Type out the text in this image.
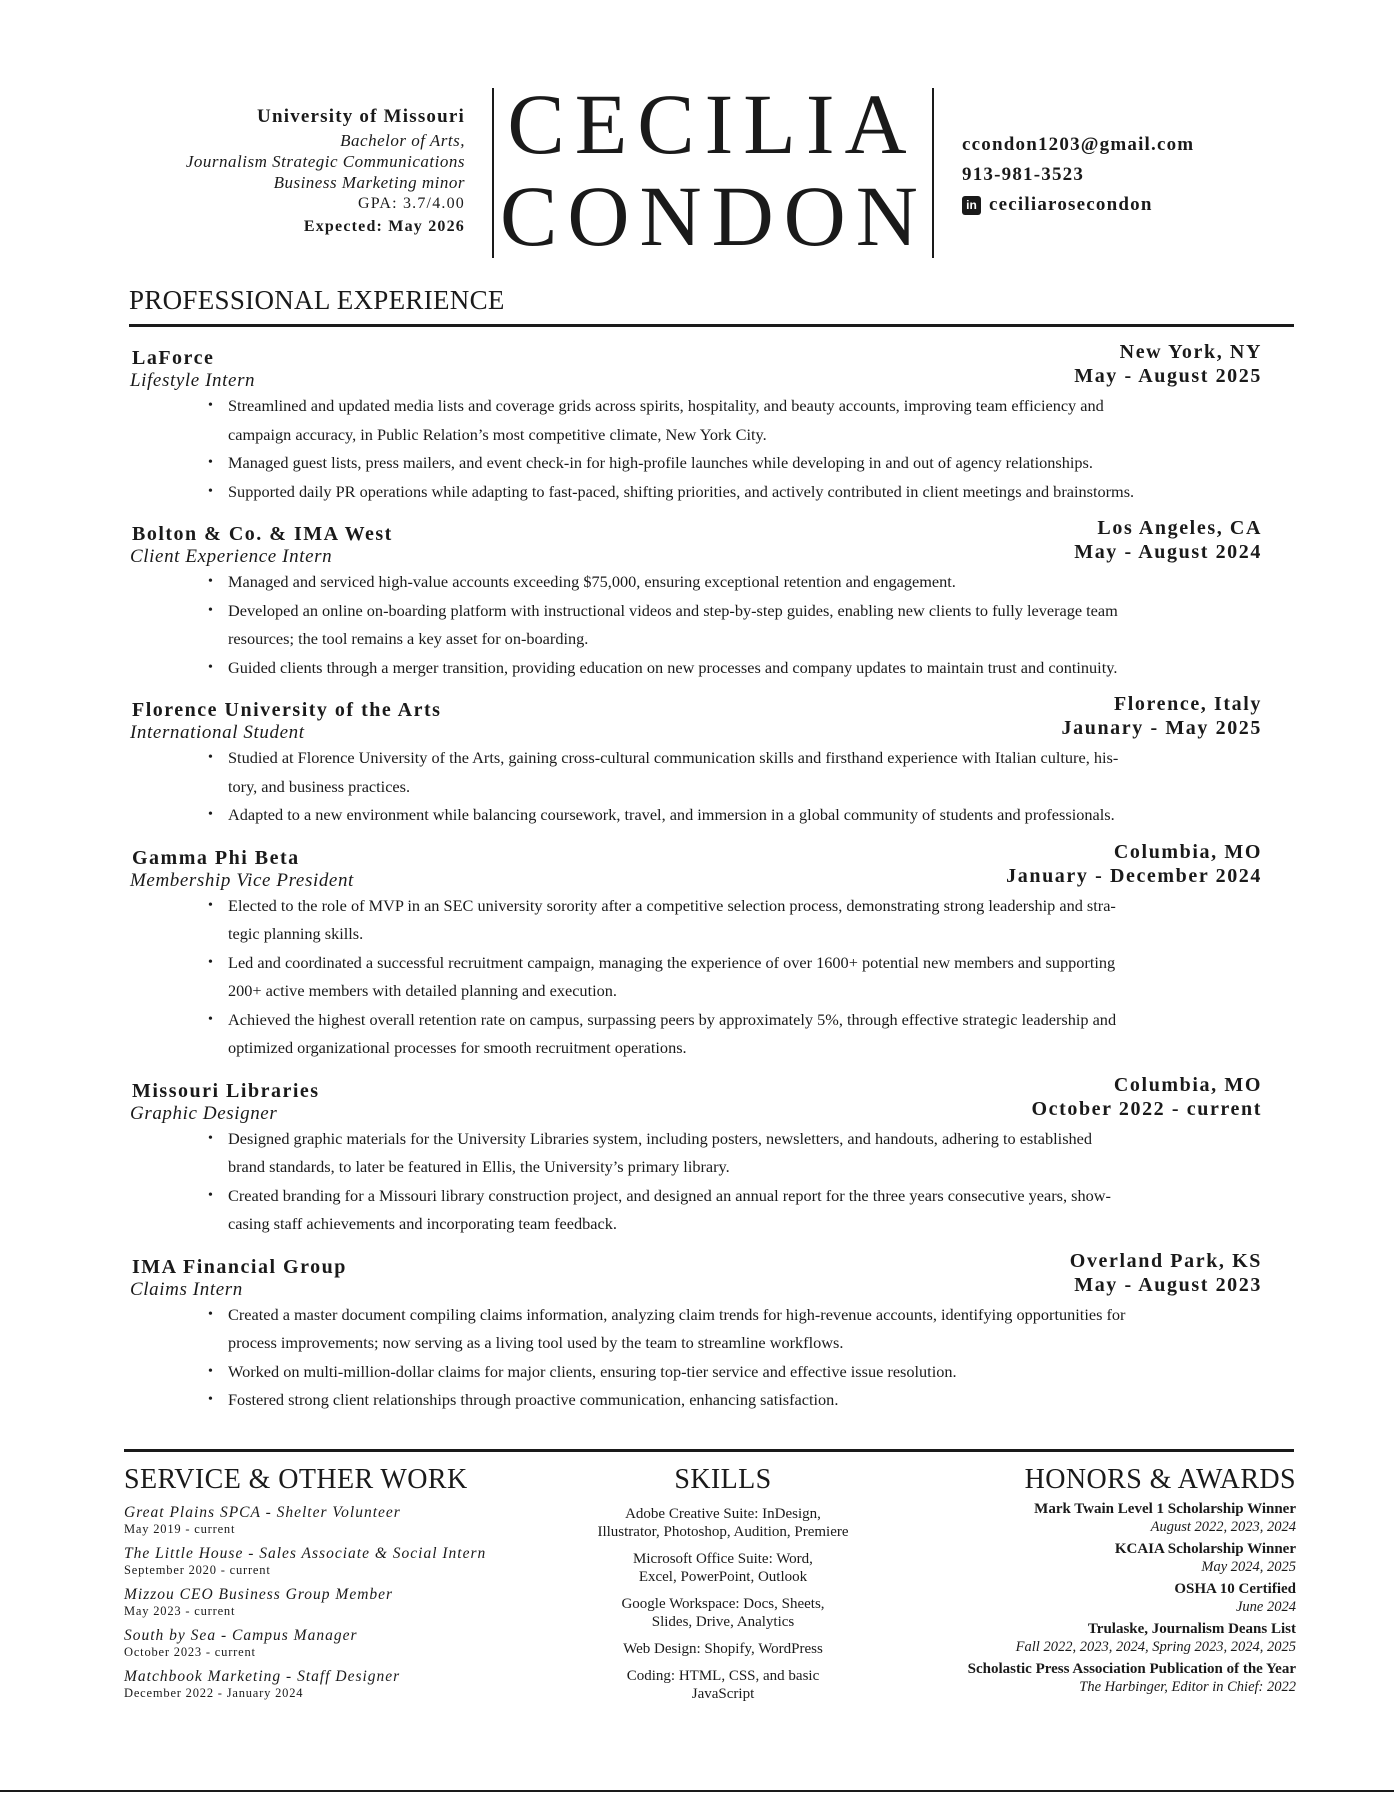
University of Missouri
Bachelor of Arts,
Journalism Strategic Communications
Business Marketing minor
GPA: 3.7/4.00
Expected: May 2026
CECILIA
CONDON
ccondon1203@gmail.com
913-981-3523
in ceciliarosecondon
PROFESSIONAL EXPERIENCE
LaForce
Lifestyle Intern
New York, NY
May - August 2025
• Streamlined and updated media lists and coverage grids across spirits, hospitality, and beauty accounts, improving team efficiency and
campaign accuracy, in Public Relation’s most competitive climate, New York City.
• Managed guest lists, press mailers, and event check-in for high-profile launches while developing in and out of agency relationships.
• Supported daily PR operations while adapting to fast-paced, shifting priorities, and actively contributed in client meetings and brainstorms.
Bolton & Co. & IMA West
Client Experience Intern
Los Angeles, CA
May - August 2024
• Managed and serviced high-value accounts exceeding $75,000, ensuring exceptional retention and engagement.
• Developed an online on-boarding platform with instructional videos and step-by-step guides, enabling new clients to fully leverage team
resources; the tool remains a key asset for on-boarding.
• Guided clients through a merger transition, providing education on new processes and company updates to maintain trust and continuity.
Florence University of the Arts
International Student
Florence, Italy
Jaunary - May 2025
• Studied at Florence University of the Arts, gaining cross-cultural communication skills and firsthand experience with Italian culture, his-
tory, and business practices.
• Adapted to a new environment while balancing coursework, travel, and immersion in a global community of students and professionals.
Gamma Phi Beta
Membership Vice President
Columbia, MO
January - December 2024
• Elected to the role of MVP in an SEC university sorority after a competitive selection process, demonstrating strong leadership and stra-
tegic planning skills.
• Led and coordinated a successful recruitment campaign, managing the experience of over 1600+ potential new members and supporting
200+ active members with detailed planning and execution.
• Achieved the highest overall retention rate on campus, surpassing peers by approximately 5%, through effective strategic leadership and
optimized organizational processes for smooth recruitment operations.
Missouri Libraries
Graphic Designer
Columbia, MO
October 2022 - current
• Designed graphic materials for the University Libraries system, including posters, newsletters, and handouts, adhering to established
brand standards, to later be featured in Ellis, the University’s primary library.
• Created branding for a Missouri library construction project, and designed an annual report for the three years consecutive years, show-
casing staff achievements and incorporating team feedback.
IMA Financial Group
Claims Intern
Overland Park, KS
May - August 2023
• Created a master document compiling claims information, analyzing claim trends for high-revenue accounts, identifying opportunities for
process improvements; now serving as a living tool used by the team to streamline workflows.
• Worked on multi-million-dollar claims for major clients, ensuring top-tier service and effective issue resolution.
• Fostered strong client relationships through proactive communication, enhancing satisfaction.
SERVICE & OTHER WORK
Great Plains SPCA - Shelter Volunteer
May 2019 - current
The Little House - Sales Associate & Social Intern
September 2020 - current
Mizzou CEO Business Group Member
May 2023 - current
South by Sea - Campus Manager
October 2023 - current
Matchbook Marketing - Staff Designer
December 2022 - January 2024
SKILLS
Adobe Creative Suite: InDesign,
Illustrator, Photoshop, Audition, Premiere
Microsoft Office Suite: Word,
Excel, PowerPoint, Outlook
Google Workspace: Docs, Sheets,
Slides, Drive, Analytics
Web Design: Shopify, WordPress
Coding: HTML, CSS, and basic
JavaScript
HONORS & AWARDS
Mark Twain Level 1 Scholarship Winner
August 2022, 2023, 2024
KCAIA Scholarship Winner
May 2024, 2025
OSHA 10 Certified
June 2024
Trulaske, Journalism Deans List
Fall 2022, 2023, 2024, Spring 2023, 2024, 2025
Scholastic Press Association Publication of the Year
The Harbinger, Editor in Chief: 2022
